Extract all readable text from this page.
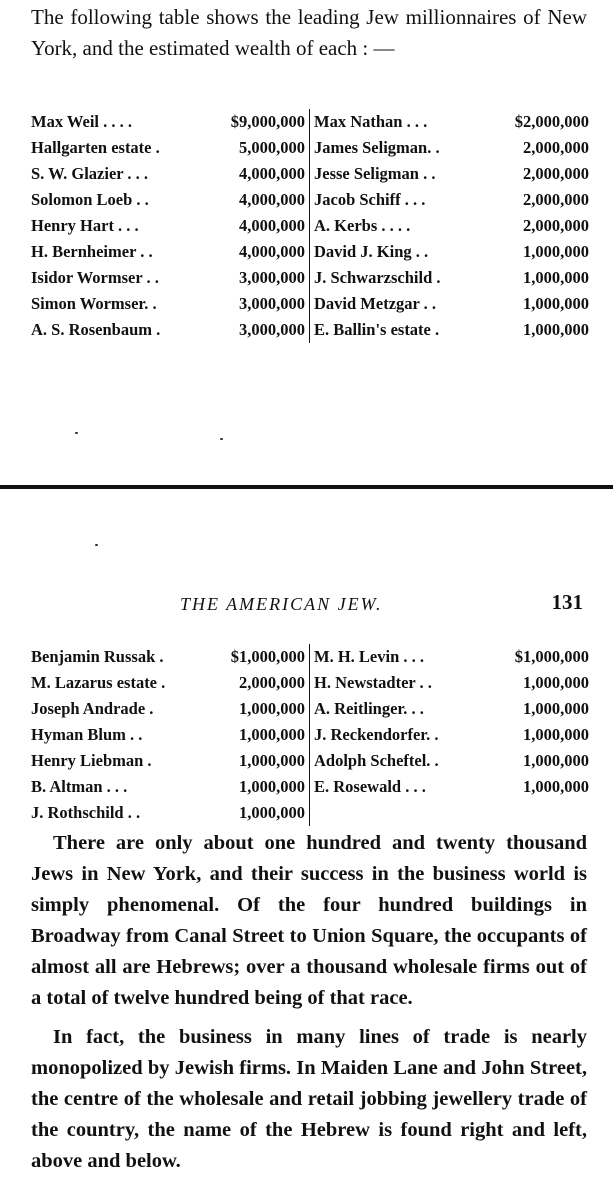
The following table shows the leading Jew millionnaires of New York, and the estimated wealth of each : —
Max Weil . . . .	$9,000,000
Hallgarten estate .	5,000,000
S. W. Glazier . . .	4,000,000
Solomon Loeb . .	4,000,000
Henry Hart . . .	4,000,000
H. Bernheimer . .	4,000,000
Isidor Wormser . .	3,000,000
Simon Wormser. .	3,000,000
A. S. Rosenbaum .	3,000,000
Max Nathan . . .	$2,000,000
James Seligman. .	2,000,000
Jesse Seligman . .	2,000,000
Jacob Schiff . . .	2,000,000
A. Kerbs . . . .	2,000,000
David J. King . .	1,000,000
J. Schwarzschild .	1,000,000
David Metzgar . .	1,000,000
E. Ballin's estate .	1,000,000
THE AMERICAN JEW.	131
Benjamin Russak .	$1,000,000
M. Lazarus estate .	2,000,000
Joseph Andrade .	1,000,000
Hyman Blum . .	1,000,000
Henry Liebman .	1,000,000
B. Altman . . .	1,000,000
J. Rothschild . .	1,000,000
M. H. Levin . . .	$1,000,000
H. Newstadter . .	1,000,000
A. Reitlinger. . .	1,000,000
J. Reckendorfer. .	1,000,000
Adolph Scheftel. .	1,000,000
E. Rosewald . . .	1,000,000

There are only about one hundred and twenty thousand Jews in New York, and their success in the business world is simply phenomenal. Of the four hundred buildings in Broadway from Canal Street to Union Square, the occupants of almost all are Hebrews; over a thousand wholesale firms out of a total of twelve hundred being of that race.

In fact, the business in many lines of trade is nearly monopolized by Jewish firms. In Maiden Lane and John Street, the centre of the wholesale and retail jobbing jewellery trade of the country, the name of the Hebrew is found right and left, above and below.
